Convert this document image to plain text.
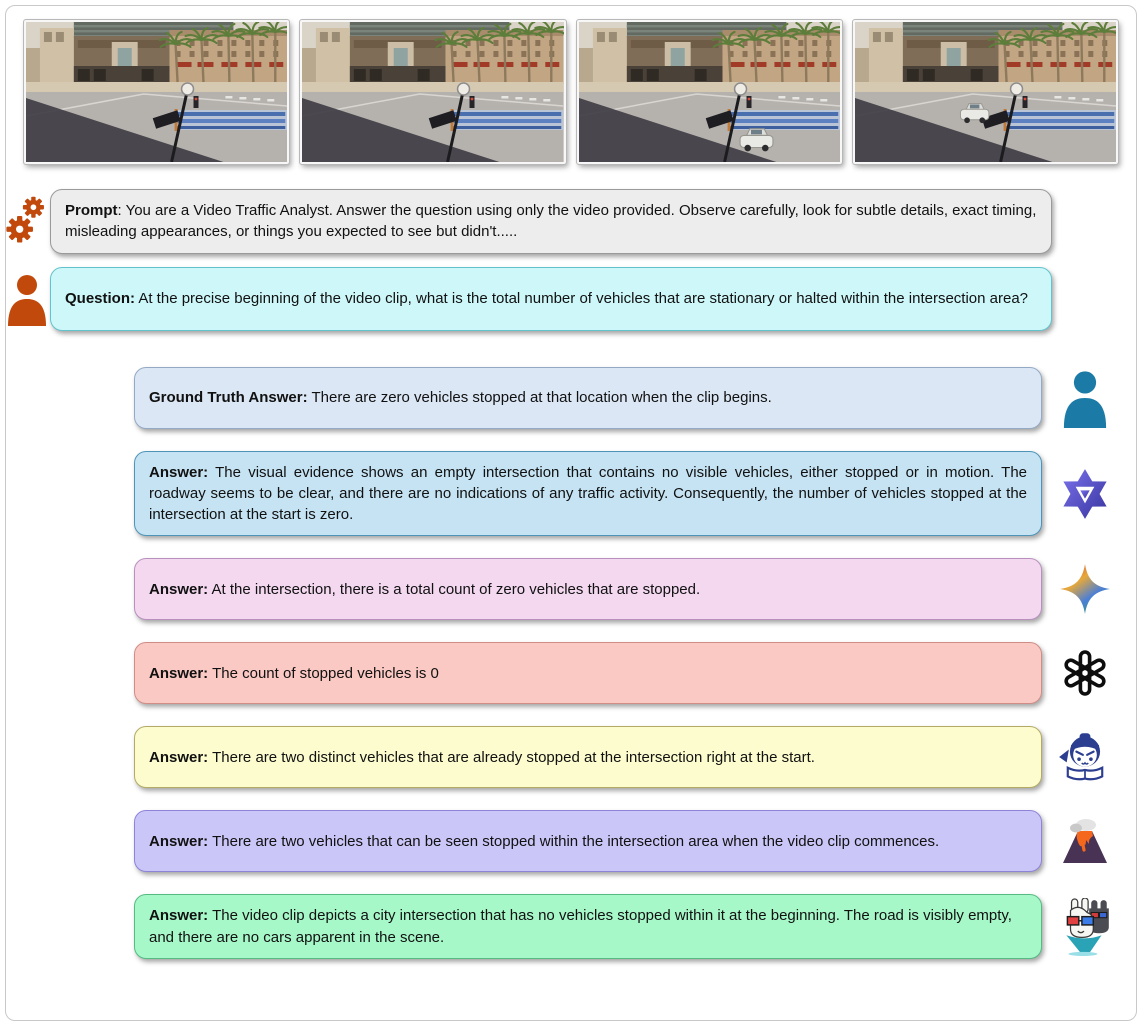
Prompt: You are a Video Traffic Analyst. Answer the question using only the video provided. Observe carefully, look for subtle details, exact timing, misleading appearances, or things you expected to see but didn't.....

Question: At the precise beginning of the video clip, what is the total number of vehicles that are stationary or halted within the intersection area?

Ground Truth Answer: There are zero vehicles stopped at that location when the clip begins.

Answer: The visual evidence shows an empty intersection that contains no visible vehicles, either stopped or in motion. The roadway seems to be clear, and there are no indications of any traffic activity. Consequently, the number of vehicles stopped at the intersection at the start is zero.

Answer: At the intersection, there is a total count of zero vehicles that are stopped.

Answer: The count of stopped vehicles is 0

Answer: There are two distinct vehicles that are already stopped at the intersection right at the start.

Answer: There are two vehicles that can be seen stopped within the intersection area when the video clip commences.

Answer: The video clip depicts a city intersection that has no vehicles stopped within it at the beginning. The road is visibly empty, and there are no cars apparent in the scene.
